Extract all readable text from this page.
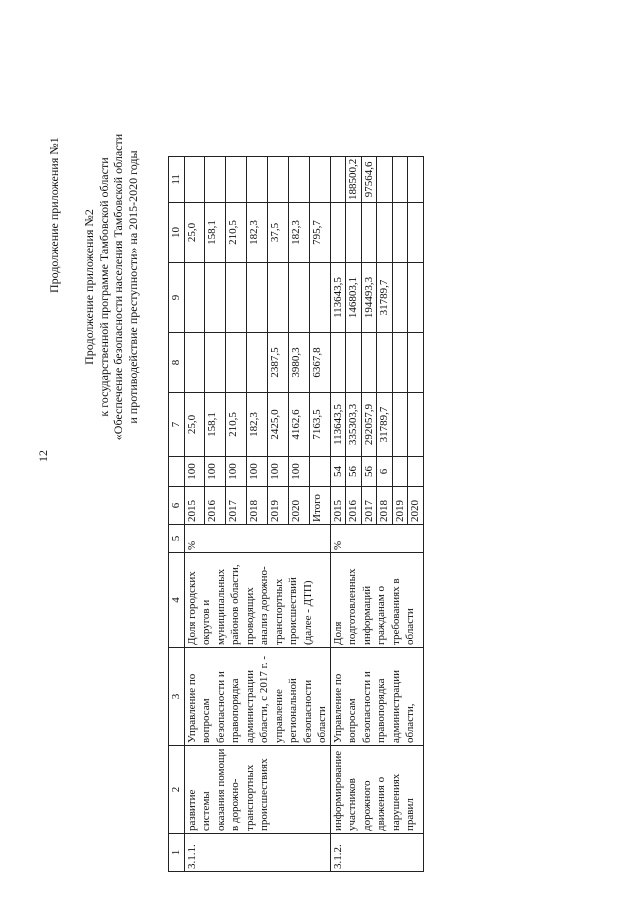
12
Продолжение приложения №1 Продолжение приложения №2 к государственной программе Тамбовской области «Обеспечение безопасности населения Тамбовской области и противодействие преступности» на 2015-2020 годы
1	2	3	4	5	6		7	8	9	10	11
3.1.1.	развитие системы оказания помощи в дорожно-транспортных происшествиях	Управление по вопросам безопасности и правопорядка администрации области, с 2017 г. - управление региональной безопасности области	Доля городских округов и муниципальных районов области, проводящих анализ дорожно-транспортных происшествий (далее - ДТП)	%	2015	100	25,0			25,0	
					2016	100	158,1			158,1	
					2017	100	210,5			210,5	
					2018	100	182,3			182,3	
					2019	100	2425,0	2387,5		37,5	
					2020	100	4162,6	3980,3		182,3	
					Итого		7163,5	6367,8		795,7	
3.1.2.	информирование участников дорожного движения о нарушениях правил	Управление по вопросам безопасности и правопорядка администрации области,	Доля подготовленных информаций гражданам о требованиях в области	%	2015	54	113643,5		113643,5		
					2016	56	335303,3		146803,1		188500,2
					2017	56	292057,9		194493,3		97564,6
					2018	6	31789,7		31789,7		
					2019						
					2020						
